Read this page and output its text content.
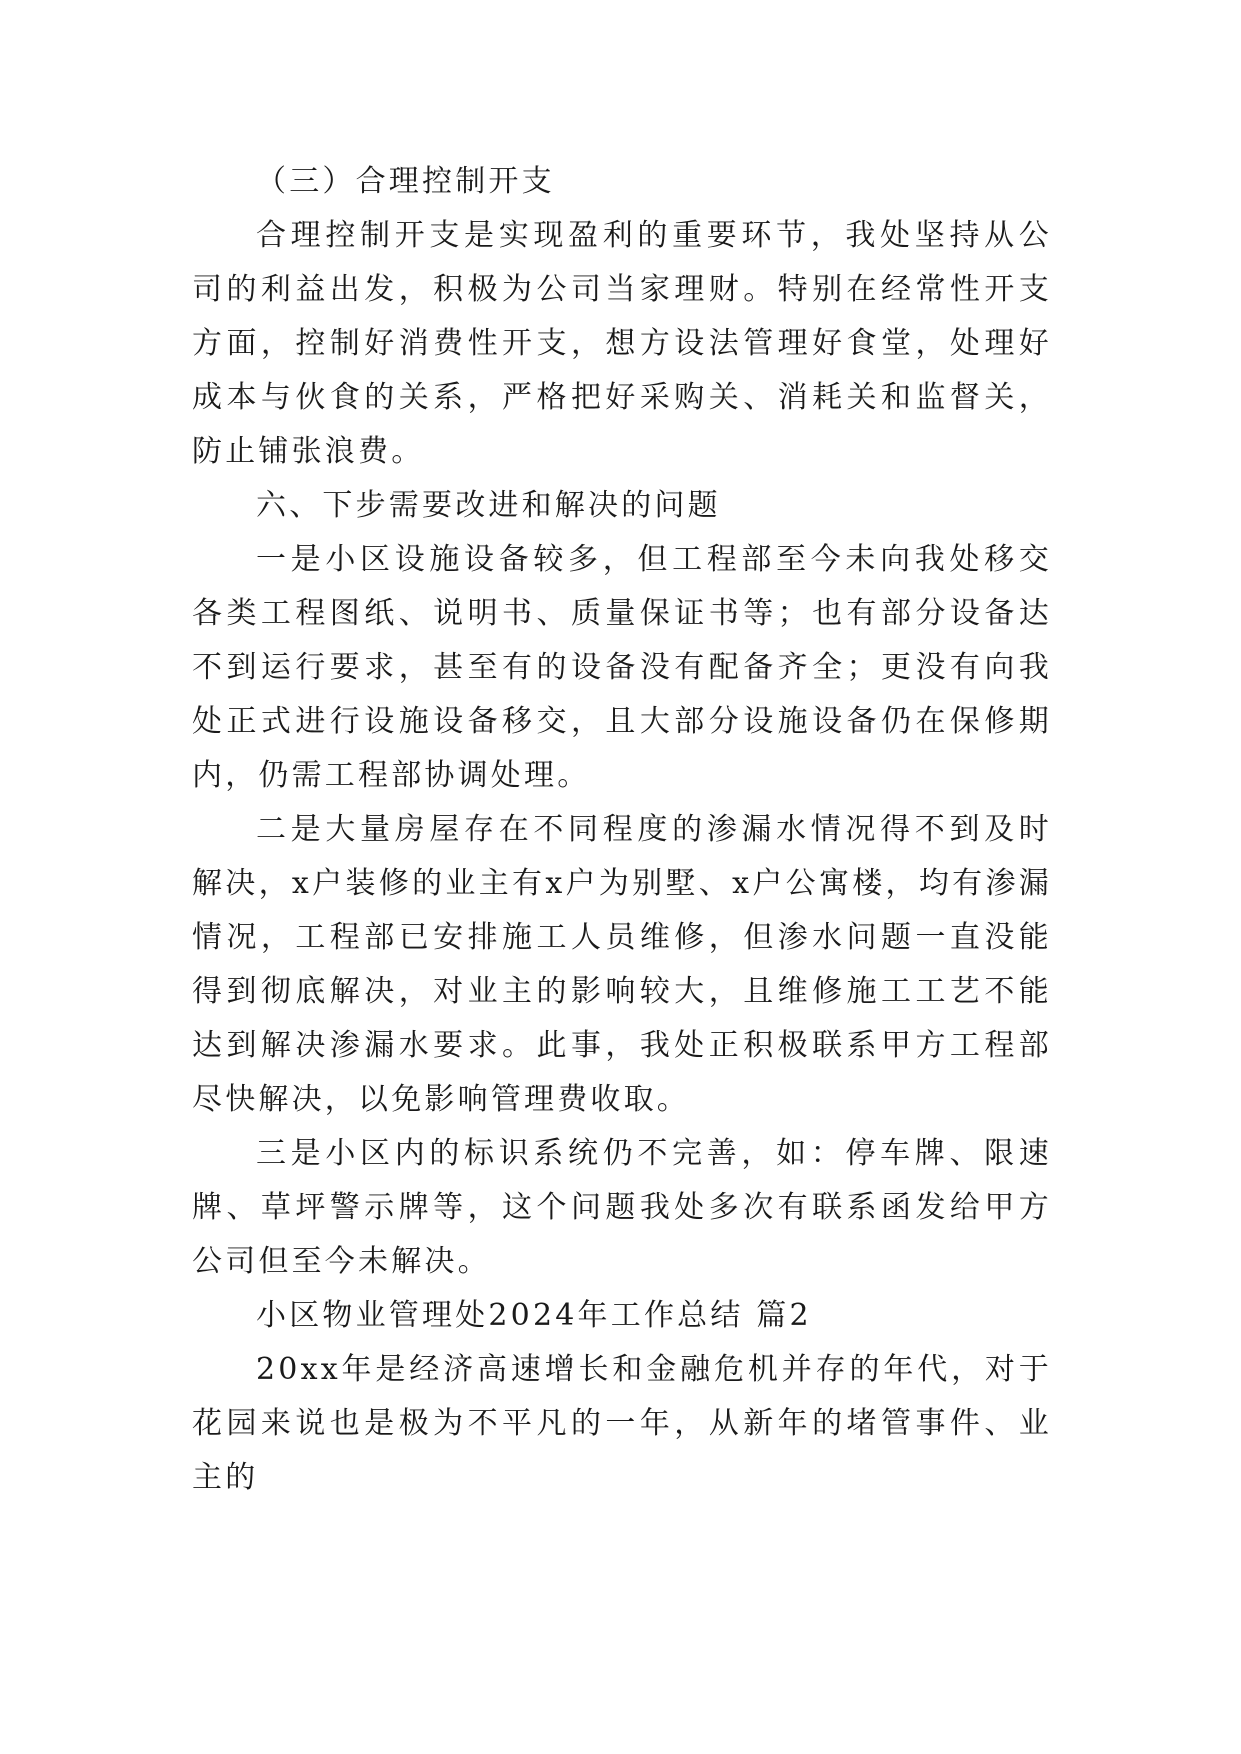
（三）合理控制开支

合理控制开支是实现盈利的重要环节，我处坚持从公司的利益出发，积极为公司当家理财。特别在经常性开支方面，控制好消费性开支，想方设法管理好食堂，处理好成本与伙食的关系，严格把好采购关、消耗关和监督关，防止铺张浪费。

六、下步需要改进和解决的问题

一是小区设施设备较多，但工程部至今未向我处移交各类工程图纸、说明书、质量保证书等；也有部分设备达不到运行要求，甚至有的设备没有配备齐全；更没有向我处正式进行设施设备移交，且大部分设施设备仍在保修期内，仍需工程部协调处理。

二是大量房屋存在不同程度的渗漏水情况得不到及时解决，x户装修的业主有x户为别墅、x户公寓楼，均有渗漏情况，工程部已安排施工人员维修，但渗水问题一直没能得到彻底解决，对业主的影响较大，且维修施工工艺不能达到解决渗漏水要求。此事，我处正积极联系甲方工程部尽快解决，以免影响管理费收取。

三是小区内的标识系统仍不完善，如：停车牌、限速牌、草坪警示牌等，这个问题我处多次有联系函发给甲方公司但至今未解决。

小区物业管理处2024年工作总结 篇2

20xx年是经济高速增长和金融危机并存的年代，对于花园来说也是极为不平凡的一年，从新年的堵管事件、业主的
